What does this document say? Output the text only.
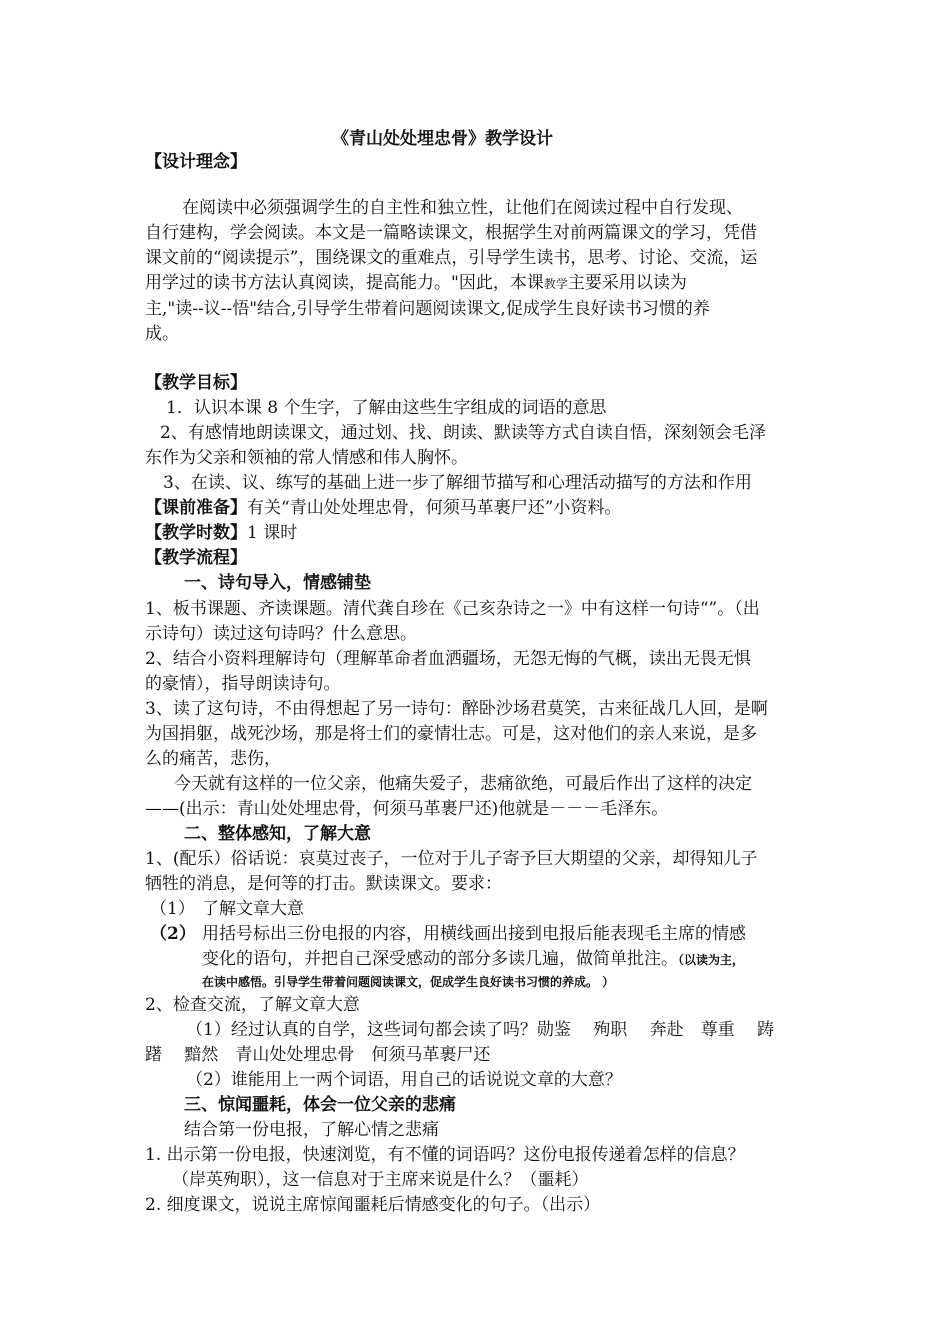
《青山处处埋忠骨》教学设计
【设计理念】
在阅读中必须强调学生的自主性和独立性，让他们在阅读过程中自行发现、
自行建构，学会阅读。本文是一篇略读课文，根据学生对前两篇课文的学习，凭借
课文前的“阅读提示”，围绕课文的重难点，引导学生读书，思考、讨论、交流，运
用学过的读书方法认真阅读，提高能力。"因此，本课教学主要采用以读为
主,"读--议--悟"结合,引导学生带着问题阅读课文,促成学生良好读书习惯的养
成。
【教学目标】
1．认识本课 8 个生字，了解由这些生字组成的词语的意思
2、有感情地朗读课文，通过划、找、朗读、默读等方式自读自悟，深刻领会毛泽
东作为父亲和领袖的常人情感和伟人胸怀。
3、在读、议、练写的基础上进一步了解细节描写和心理活动描写的方法和作用
【课前准备】有关“青山处处埋忠骨，何须马革裹尸还”小资料。
【教学时数】1 课时
【教学流程】
一、诗句导入，情感铺垫
1、板书课题、齐读课题。清代龚自珍在《己亥杂诗之一》中有这样一句诗“”。（出
示诗句）读过这句诗吗？什么意思。
2、结合小资料理解诗句（理解革命者血洒疆场，无怨无悔的气概，读出无畏无惧
的豪情），指导朗读诗句。
3、读了这句诗，不由得想起了另一诗句：醉卧沙场君莫笑，古来征战几人回，是啊
为国捐躯，战死沙场，那是将士们的豪情壮志。可是，这对他们的亲人来说，是多
么的痛苦，悲伤，
今天就有这样的一位父亲，他痛失爱子，悲痛欲绝，可最后作出了这样的决定
——(出示：青山处处埋忠骨，何须马革裹尸还)他就是－－－毛泽东。
二、整体感知，了解大意
1、(配乐）俗话说：哀莫过丧子，一位对于儿子寄予巨大期望的父亲，却得知儿子
牺牲的消息，是何等的打击。默读课文。要求：
（1） 了解文章大意
（2） 用括号标出三份电报的内容，用横线画出接到电报后能表现毛主席的情感
变化的语句，并把自己深受感动的部分多读几遍，做简单批注。（以读为主，
在读中感悟。引导学生带着问题阅读课文，促成学生良好读书习惯的养成。 ）
2、检查交流，了解文章大意
（1）经过认真的自学，这些词句都会读了吗？勋鉴　 殉职　 奔赴　尊重　 踌
躇　 黯然　青山处处埋忠骨　何须马革裹尸还
（2）谁能用上一两个词语，用自己的话说说文章的大意？
三、惊闻噩耗，体会一位父亲的悲痛
结合第一份电报，了解心情之悲痛
1. 出示第一份电报，快速浏览，有不懂的词语吗？这份电报传递着怎样的信息？
（岸英殉职），这一信息对于主席来说是什么？（噩耗）
2. 细度课文，说说主席惊闻噩耗后情感变化的句子。（出示）
